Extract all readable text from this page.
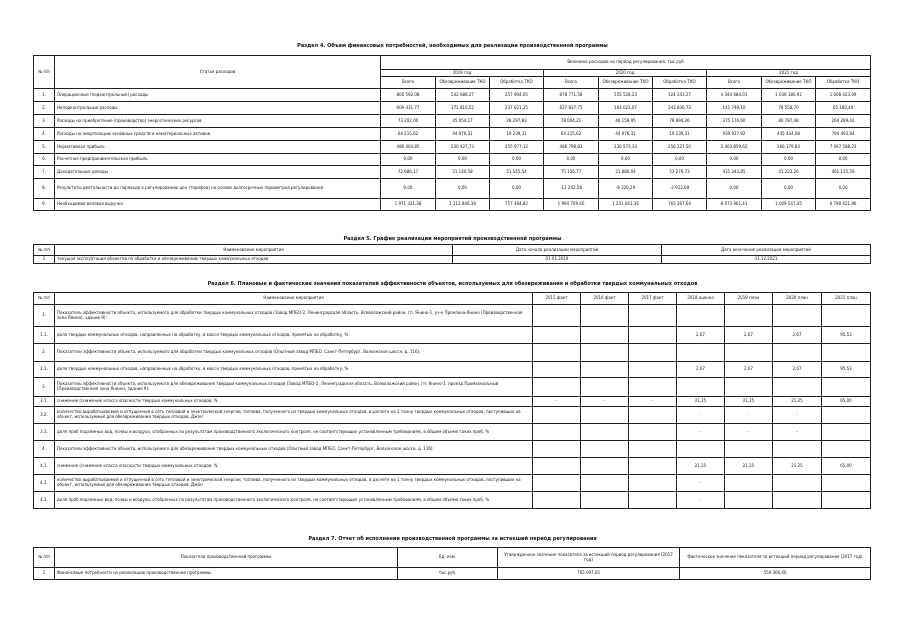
Раздел 4. Объем финансовых потребностей, необходимых для реализации производственной программы
№ п/п	Статья расходов	Величина расходов на период регулирования, тыс.руб								
		2019 год			2020 год			2021 год		
		Всего	Обезвреживание ТКО	Обработка ТКО	Всего	Обезвреживание ТКО	Обработка ТКО	Всего	Обезвреживание ТКО	Обработка ТКО
1.	Операционные (подконтрольные) расходы	800 592,08	542 688,27	257 904,05	878 771,58	555 528,23	324 243,27	4 344 684,01	1 036 180,92	1 008 423,09
2.	Неподконтрольные расходы	609 431,77	371 810,52	237 621,25	627 837,75	164 023,07	243 830,73	141 749,10	78 558,70	65 180,40
3.	Расходы на приобретение (производство) энергетических ресурсов	73 202,00	45 054,17	28 297,83	78 004,21	46 159,95	78 994,26	375 176,60	80 787,48	264 289,42
4.	Расходы на амортизацию основных средств и нематериальных активов	64 215,62	44 976,31	19 239,31	64 215,62	44 976,31	19 239,31	939 927,92	445 434,08	794 493,84
5.	Нормативная прибыль	486 404,85	230 427,73	255 977,12	486 798,83	230 573,33	256 227,50	3 403 859,62	366 179,83	7 097 588,23
6.	Расчетная предпринимательская прибыль	0,00	0,00	0,00	0,00	0,00	0,00	0,00	0,00	0,00
7.	Доходательные доходы	72 686,17	21 140,58	51 545,54	75 156,77	21 880,04	53 276,73	431 343,85	41 223,26	461 135,59
8.	Результаты деятельности до перехода к регулированию цен (тарифов) на основе долгосрочных параметров регулирования	0,00	0,00	0,00	-12 242,58	-8 320,29	-3 922,69	0,00	0,00	0,00
9.	Необходимая валовая выручка	1 971 331,38	1 213 846,38	757 484,82	1 994 709,40	1 231 041,36	763 267,64	8 073 961,41	1 009 547,45	6 790 421,96
Раздел 5. График реализации мероприятий производственной программы
№ п/п	Наименование мероприятия	Дата начала реализации мероприятий	Дата окончания реализации мероприятий
1	текущая эксплуатация объектов по обработке и обезвреживанию твердых коммунальных отходов	01.01.2019	31.12.2021
Раздел 6. Плановые и фактические значения показателей эффективности объектов, используемых для обезвреживания и обработки твердых коммунальных отходов
№ п/п	Наименование мероприятия	2015 факт	2016 факт	2017 факт	2018 оценка	2019 план	2020 план	2021 план
1.	Показатель эффективности объекта, используемого для обработки твердых коммунальных отходов (Завод МПБО-2, Ленинградская область, Всеволожский район, гп. Янино-1, уч-к Промзона-Янино (Производственная зона Янино), здание 9):							
1.1.	доля твердых коммунальных отходов, направленных на обработку, в массе твердых коммунальных отходов, принятых на обработку, %				2,67	2,67	2,67	95,53
2.	Показатели эффективности объекта, используемого для обработки твердых коммунальных отходов (Опытный завод МПБО, Санкт-Петербург, Волхонское шоссе, д. 116):							
2.1.	доля твердых коммунальных отходов, направленных на обработку, в массе твердых коммунальных отходов, принятых на обработку, %				2,67	2,67	2,67	95,53
3.	Показатель эффективности объекта, используемого для обезвреживания твердых коммунальных отходов (Завод МПБО-2, Ленинградская область, Всеволожский район, гп. Янино-1, проезд Промзональный (Производственная зона Янино), здание 9):							
3.1.	снижение (снижение класса опасности твердых коммунальных отходов, %	-	-	-	21,25	21,25	21,25	65,00
3.2.	количество вырабатываемой и отпущенной в сеть тепловой и электрической энергии, топлива, полученного из твердых коммунальных отходов, в расчете на 1 тонну твердых коммунальных отходов, поступивших на объект, используемый для обезвреживания твердых отходов, Дж/кг				-	-	-	
3.3.	доля проб подземных вод, почвы и воздуха, отобранных по результатам производственного экологического контроля, не соответствующих установленным требованиям, в общем объеме таких проб, %				-	-	-	
4.	Показатели эффективности объекта, используемого для обезвреживания твердых коммунальных отходов (Опытный завод МПБО, Санкт-Петербург, Волхонское шоссе, д. 116):							
4.1.	снижение (снижение класса опасности твердых коммунальных отходов, %				21,25	21,25	21,25	65,00
4.2.	количество вырабатываемой и отпущенной в сеть тепловой и электрической энергии, топлива, полученного из твердых коммунальных отходов, в расчете на 1 тонну твердых коммунальных отходов, поступивших на объект, используемый для обезвреживания твердых отходов, Дж/кг				-			
4.3.	доля проб подземных вод, почвы и воздуха, отобранных по результатам производственного экологического контроля, не соответствующих установленным требованиям, в общем объеме таких проб, %				-			
Раздел 7. Отчет об исполнении производственной программы за истекший период регулирования
№ п/п	Показатели производственной программы	Ед. изм.	Утвержденное значение показателя за истекший период регулирования (2017 год)	Фактическое значение показателя за истекший период регулирования (2017 год)
1	Финансовые потребности на реализацию производственной программы	тыс.руб.	765 097,05	550 306,40
